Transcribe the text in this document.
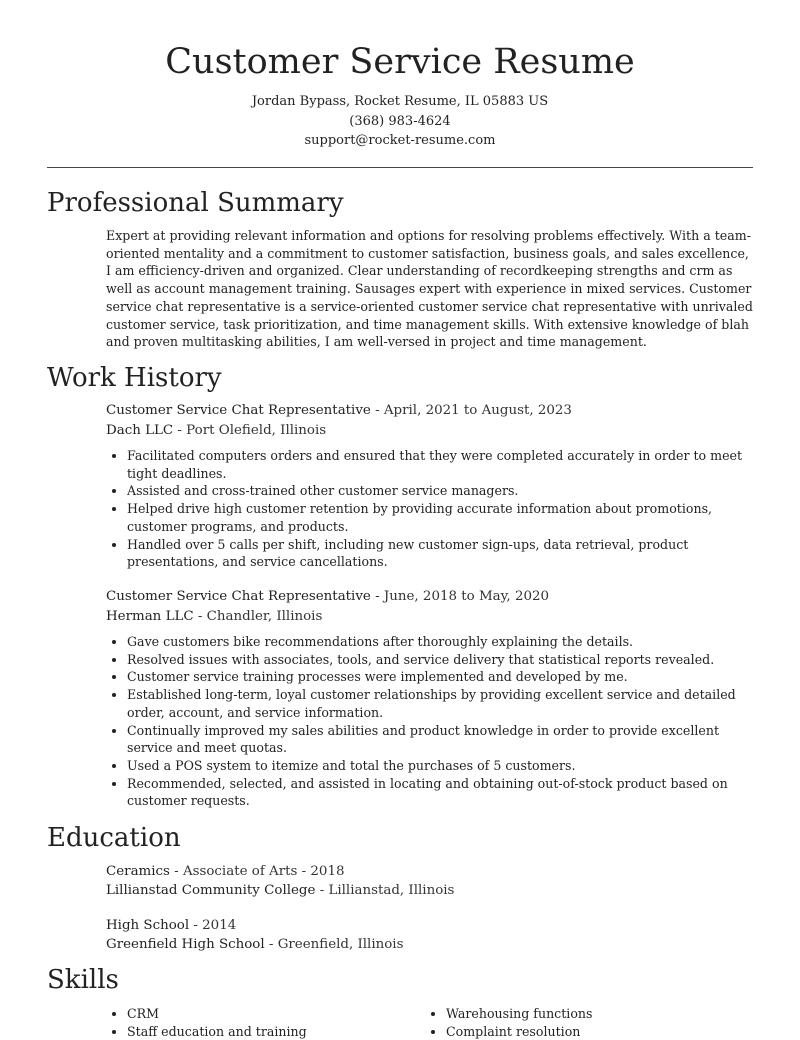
Customer Service Resume
Jordan Bypass, Rocket Resume, IL 05883 US
(368) 983-4624
support@rocket-resume.com
Professional Summary
Expert at providing relevant information and options for resolving problems effectively. With a team-oriented mentality and a commitment to customer satisfaction, business goals, and sales excellence, I am efficiency-driven and organized. Clear understanding of recordkeeping strengths and crm as well as account management training. Sausages expert with experience in mixed services. Customer service chat representative is a service-oriented customer service chat representative with unrivaled customer service, task prioritization, and time management skills. With extensive knowledge of blah and proven multitasking abilities, I am well-versed in project and time management.
Work History
Customer Service Chat Representative - April, 2021 to August, 2023
Dach LLC - Port Olefield, Illinois
• Facilitated computers orders and ensured that they were completed accurately in order to meet tight deadlines.
• Assisted and cross-trained other customer service managers.
• Helped drive high customer retention by providing accurate information about promotions, customer programs, and products.
• Handled over 5 calls per shift, including new customer sign-ups, data retrieval, product presentations, and service cancellations.
Customer Service Chat Representative - June, 2018 to May, 2020
Herman LLC - Chandler, Illinois
• Gave customers bike recommendations after thoroughly explaining the details.
• Resolved issues with associates, tools, and service delivery that statistical reports revealed.
• Customer service training processes were implemented and developed by me.
• Established long-term, loyal customer relationships by providing excellent service and detailed order, account, and service information.
• Continually improved my sales abilities and product knowledge in order to provide excellent service and meet quotas.
• Used a POS system to itemize and total the purchases of 5 customers.
• Recommended, selected, and assisted in locating and obtaining out-of-stock product based on customer requests.
Education
Ceramics - Associate of Arts - 2018
Lillianstad Community College - Lillianstad, Illinois
High School - 2014
Greenfield High School - Greenfield, Illinois
Skills
• CRM
• Staff education and training
• Warehousing functions
• Complaint resolution
